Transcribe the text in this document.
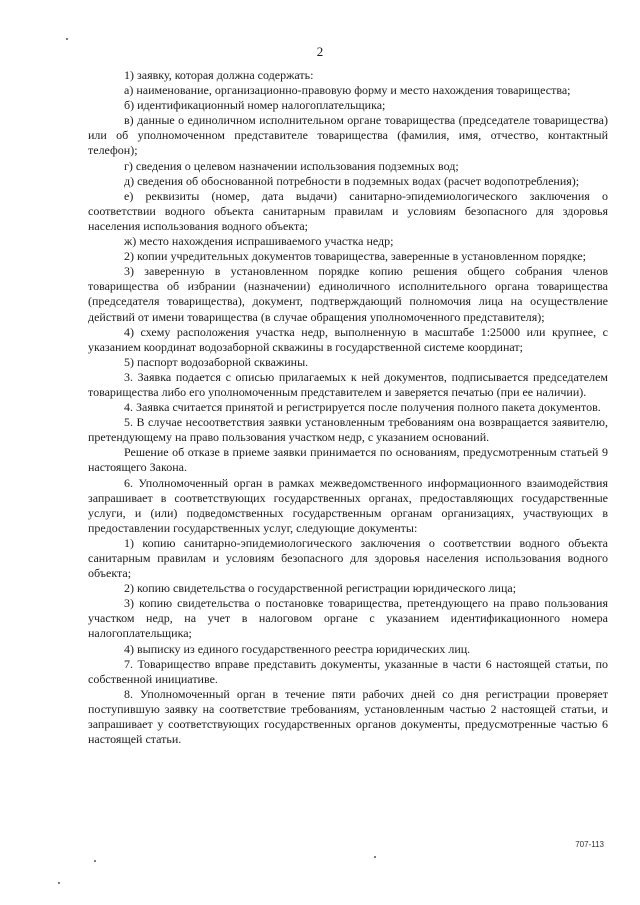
2

1) заявку, которая должна содержать:

а) наименование, организационно-правовую форму и место нахождения товарищества;

б) идентификационный номер налогоплательщика;

в) данные о единоличном исполнительном органе товарищества (председателе товарищества) или об уполномоченном представителе товарищества (фамилия, имя, отчество, контактный телефон);

г) сведения о целевом назначении использования подземных вод;

д) сведения об обоснованной потребности в подземных водах (расчет водопотребления);

е) реквизиты (номер, дата выдачи) санитарно-эпидемиологического заключения о соответствии водного объекта санитарным правилам и условиям безопасного для здоровья населения использования водного объекта;

ж) место нахождения испрашиваемого участка недр;

2) копии учредительных документов товарищества, заверенные в установленном порядке;

3) заверенную в установленном порядке копию решения общего собрания членов товарищества об избрании (назначении) единоличного исполнительного органа товарищества (председателя товарищества), документ, подтверждающий полномочия лица на осуществление действий от имени товарищества (в случае обращения уполномоченного представителя);

4) схему расположения участка недр, выполненную в масштабе 1:25000 или крупнее, с указанием координат водозаборной скважины в государственной системе координат;

5) паспорт водозаборной скважины.

3. Заявка подается с описью прилагаемых к ней документов, подписывается председателем товарищества либо его уполномоченным представителем и заверяется печатью (при ее наличии).

4. Заявка считается принятой и регистрируется после получения полного пакета документов.

5. В случае несоответствия заявки установленным требованиям она возвращается заявителю, претендующему на право пользования участком недр, с указанием оснований.

Решение об отказе в приеме заявки принимается по основаниям, предусмотренным статьей 9 настоящего Закона.

6. Уполномоченный орган в рамках межведомственного информационного взаимодействия запрашивает в соответствующих государственных органах, предоставляющих государственные услуги, и (или) подведомственных государственным органам организациях, участвующих в предоставлении государственных услуг, следующие документы:

1) копию санитарно-эпидемиологического заключения о соответствии водного объекта санитарным правилам и условиям безопасного для здоровья населения использования водного объекта;

2) копию свидетельства о государственной регистрации юридического лица;

3) копию свидетельства о постановке товарищества, претендующего на право пользования участком недр, на учет в налоговом органе с указанием идентификационного номера налогоплательщика;

4) выписку из единого государственного реестра юридических лиц.

7. Товарищество вправе представить документы, указанные в части 6 настоящей статьи, по собственной инициативе.

8. Уполномоченный орган в течение пяти рабочих дней со дня регистрации проверяет поступившую заявку на соответствие требованиям, установленным частью 2 настоящей статьи, и запрашивает у соответствующих государственных органов документы, предусмотренные частью 6 настоящей статьи.

707-113
